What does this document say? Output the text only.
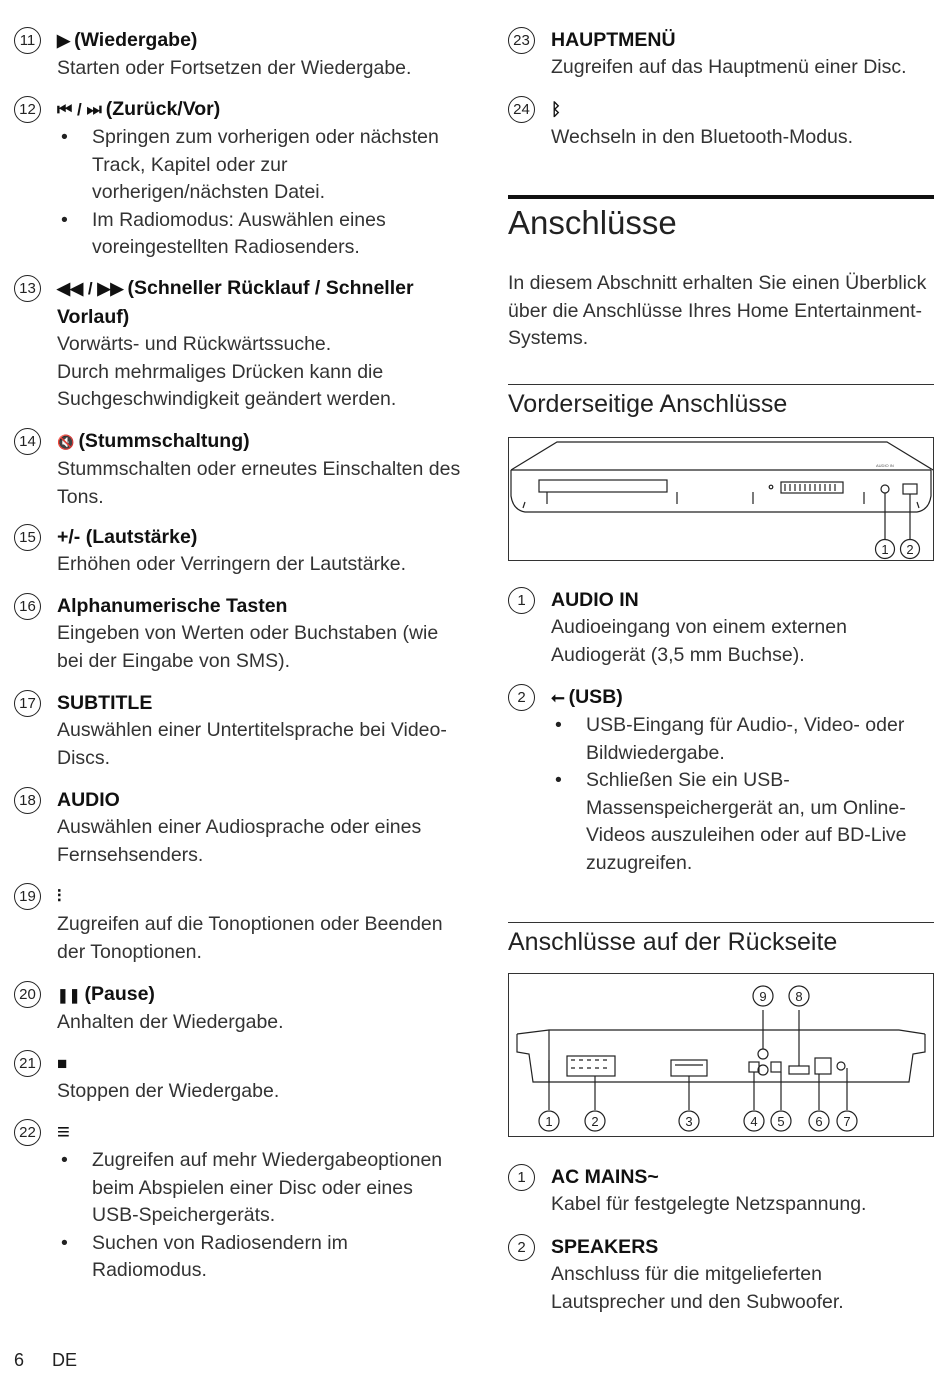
11	▶ (Wiedergabe)
Starten oder Fortsetzen der Wiedergabe.
12	⏮ / ⏭ (Zurück/Vor)
• Springen zum vorherigen oder nächsten Track, Kapitel oder zur vorherigen/nächsten Datei.
• Im Radiomodus: Auswählen eines voreingestellten Radiosenders.
13	◀◀ / ▶▶ (Schneller Rücklauf / Schneller Vorlauf)
Vorwärts- und Rückwärtssuche.
Durch mehrmaliges Drücken kann die Suchgeschwindigkeit geändert werden.
14	🔇 (Stummschaltung)
Stummschalten oder erneutes Einschalten des Tons.
15 +/- (Lautstärke)
Erhöhen oder Verringern der Lautstärke.
16 Alphanumerische Tasten
Eingeben von Werten oder Buchstaben (wie bei der Eingabe von SMS).
17 SUBTITLE
Auswählen einer Untertitelsprache bei Video-Discs.
18 AUDIO
Auswählen einer Audiosprache oder eines Fernsehsenders.
19	⫶
Zugreifen auf die Tonoptionen oder Beenden der Tonoptionen.
20	❚❚ (Pause)
Anhalten der Wiedergabe.
21	■
Stoppen der Wiedergabe.
22 ≡
• Zugreifen auf mehr Wiedergabeoptionen beim Abspielen einer Disc oder eines USB-Speichergeräts.
• Suchen von Radiosendern im Radiomodus.
23 HAUPTMENÜ
Zugreifen auf das Hauptmenü einer Disc.
24	ᛒ
Wechseln in den Bluetooth-Modus.
Anschlüsse
In diesem Abschnitt erhalten Sie einen Überblick über die Anschlüsse Ihres Home Entertainment-Systems.
Vorderseitige Anschlüsse
AUDIO IN
1 2
1	AUDIO IN
Audioeingang von einem externen Audiogerät (3,5 mm Buchse).
2	⭠ (USB)
• USB-Eingang für Audio-, Video- oder Bildwiedergabe.
• Schließen Sie ein USB-Massenspeichergerät an, um Online-Videos auszuleihen oder auf BD-Live zuzugreifen.
Anschlüsse auf der Rückseite
9 8
1	2	3	4 5 6 7
1	AC MAINS~
Kabel für festgelegte Netzspannung.
2	SPEAKERS
Anschluss für die mitgelieferten Lautsprecher und den Subwoofer.
6 DE
